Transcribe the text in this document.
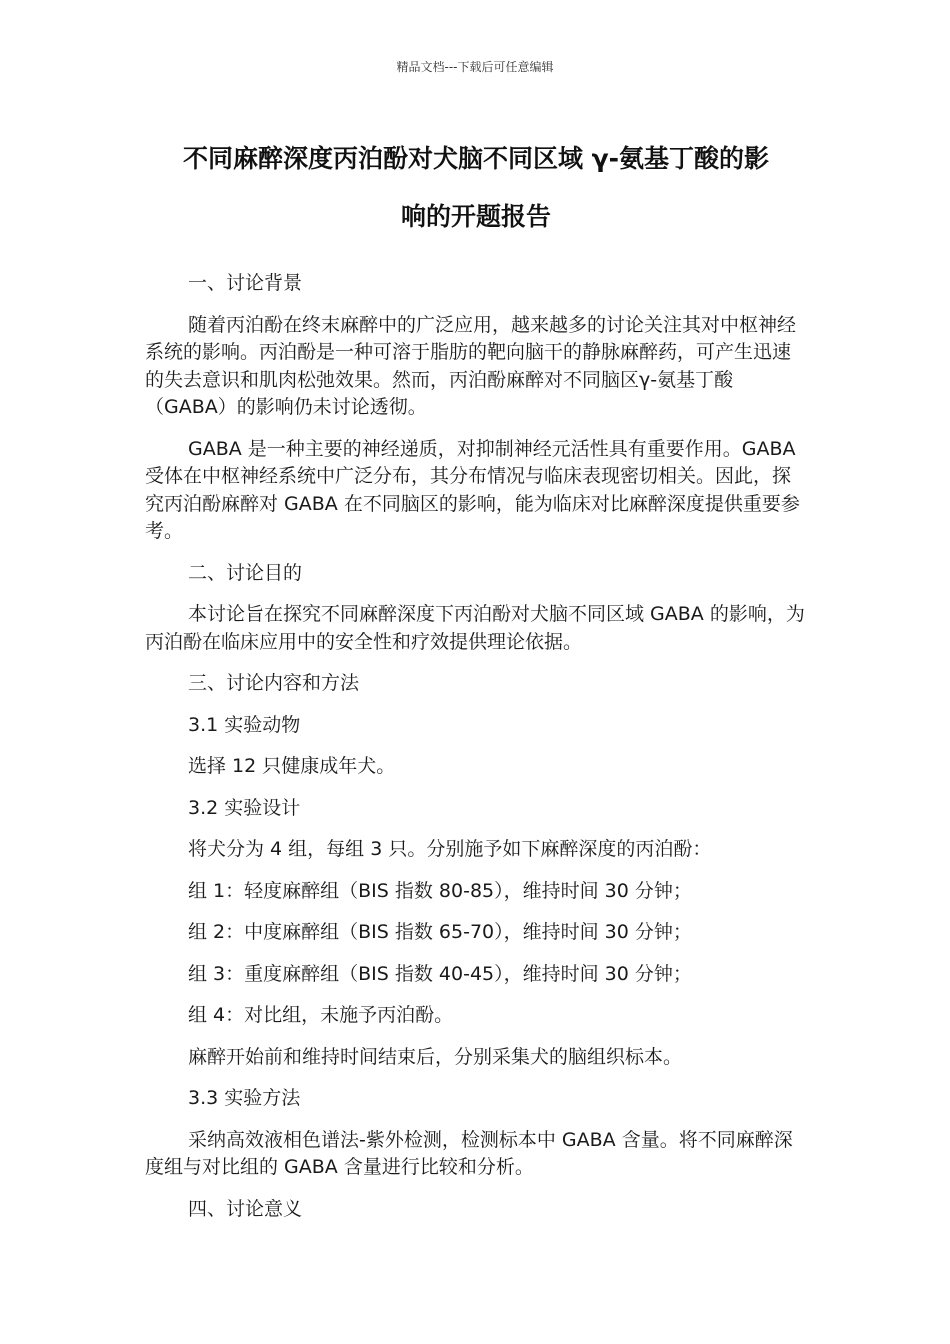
精品文档---下载后可任意编辑
不同麻醉深度丙泊酚对犬脑不同区域 γ-氨基丁酸的影
响的开题报告

一、讨论背景

随着丙泊酚在终末麻醉中的广泛应用，越来越多的讨论关注其对中枢神经系统的影响。丙泊酚是一种可溶于脂肪的靶向脑干的静脉麻醉药，可产生迅速的失去意识和肌肉松弛效果。然而，丙泊酚麻醉对不同脑区γ-氨基丁酸（GABA）的影响仍未讨论透彻。

GABA 是一种主要的神经递质，对抑制神经元活性具有重要作用。GABA 受体在中枢神经系统中广泛分布，其分布情况与临床表现密切相关。因此，探究丙泊酚麻醉对 GABA 在不同脑区的影响，能为临床对比麻醉深度提供重要参考。

二、讨论目的

本讨论旨在探究不同麻醉深度下丙泊酚对犬脑不同区域 GABA 的影响，为丙泊酚在临床应用中的安全性和疗效提供理论依据。

三、讨论内容和方法

3.1 实验动物

选择 12 只健康成年犬。

3.2 实验设计

将犬分为 4 组，每组 3 只。分别施予如下麻醉深度的丙泊酚：

组 1：轻度麻醉组（BIS 指数 80-85），维持时间 30 分钟；

组 2：中度麻醉组（BIS 指数 65-70），维持时间 30 分钟；

组 3：重度麻醉组（BIS 指数 40-45），维持时间 30 分钟；

组 4：对比组，未施予丙泊酚。

麻醉开始前和维持时间结束后，分别采集犬的脑组织标本。

3.3 实验方法

采纳高效液相色谱法-紫外检测，检测标本中 GABA 含量。将不同麻醉深度组与对比组的 GABA 含量进行比较和分析。

四、讨论意义
